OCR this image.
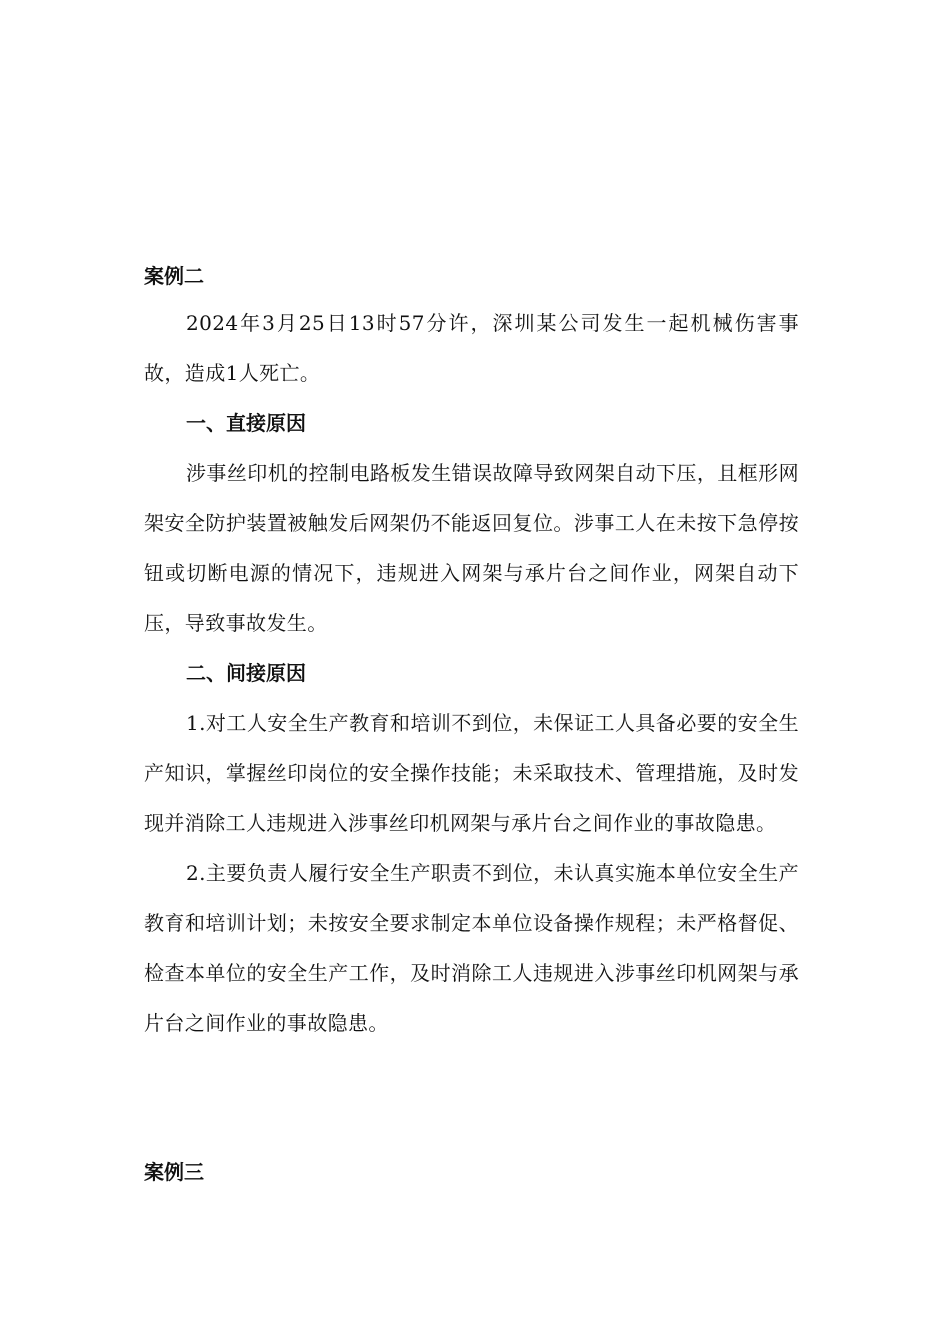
案例二

2024年3月25日13时57分许，深圳某公司发生一起机械伤害事故，造成1人死亡。

一、直接原因

涉事丝印机的控制电路板发生错误故障导致网架自动下压，且框形网架安全防护装置被触发后网架仍不能返回复位。涉事工人在未按下急停按钮或切断电源的情况下，违规进入网架与承片台之间作业，网架自动下压，导致事故发生。

二、间接原因

1.对工人安全生产教育和培训不到位，未保证工人具备必要的安全生产知识，掌握丝印岗位的安全操作技能；未采取技术、管理措施，及时发现并消除工人违规进入涉事丝印机网架与承片台之间作业的事故隐患。

2.主要负责人履行安全生产职责不到位，未认真实施本单位安全生产教育和培训计划；未按安全要求制定本单位设备操作规程；未严格督促、检查本单位的安全生产工作，及时消除工人违规进入涉事丝印机网架与承片台之间作业的事故隐患。

案例三
